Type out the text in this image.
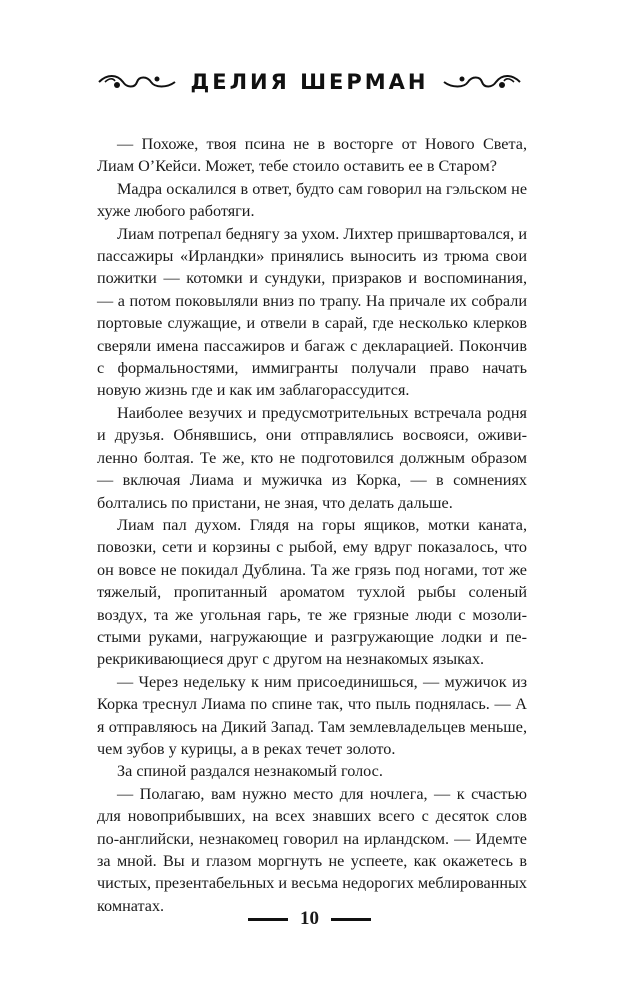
ДЕЛИЯ ШЕРМАН

— Похоже, твоя псина не в восторге от Нового Света, Лиам О’Кейси. Может, тебе стоило оставить ее в Старом?

Мадра оскалился в ответ, будто сам говорил на гэльском не хуже любого работяги.

Лиам потрепал беднягу за ухом. Лихтер пришвартовался, и пассажиры «Ирландки» принялись выносить из трюма свои пожитки — котомки и сундуки, призраков и воспоминания, — а потом поковыляли вниз по трапу. На причале их собрали портовые служащие, и отвели в сарай, где несколько клерков сверяли имена пассажиров и багаж с декларацией. Покончив с формальностями, иммигранты получали право начать новую жизнь где и как им заблагорассудится.

Наиболее везучих и предусмотрительных встречала родня и друзья. Обнявшись, они отправлялись восвояси, оживиленно болтая. Те же, кто не подготовился должным образом — включая Лиама и мужичка из Корка, — в сомнениях болтались по пристани, не зная, что делать дальше.

Лиам пал духом. Глядя на горы ящиков, мотки каната, повозки, сети и корзины с рыбой, ему вдруг показалось, что он вовсе не покидал Дублина. Та же грязь под ногами, тот же тяжелый, пропитанный ароматом тухлой рыбы соленый воздух, та же угольная гарь, те же грязные люди с мозолистыми руками, нагружающие и разгружающие лодки и перекрикивающиеся друг с другом на незнакомых языках.

— Через недельку к ним присоединишься, — мужичок из Корка треснул Лиама по спине так, что пыль поднялась. — А я отправляюсь на Дикий Запад. Там землевладельцев меньше, чем зубов у курицы, а в реках течет золото.

За спиной раздался незнакомый голос.

— Полагаю, вам нужно место для ночлега, — к счастью для новоприбывших, на всех знавших всего с десяток слов по-английски, незнакомец говорил на ирландском. — Идемте за мной. Вы и глазом моргнуть не успеете, как окажетесь в чистых, презентабельных и весьма недорогих меблированных комнатах.

10
